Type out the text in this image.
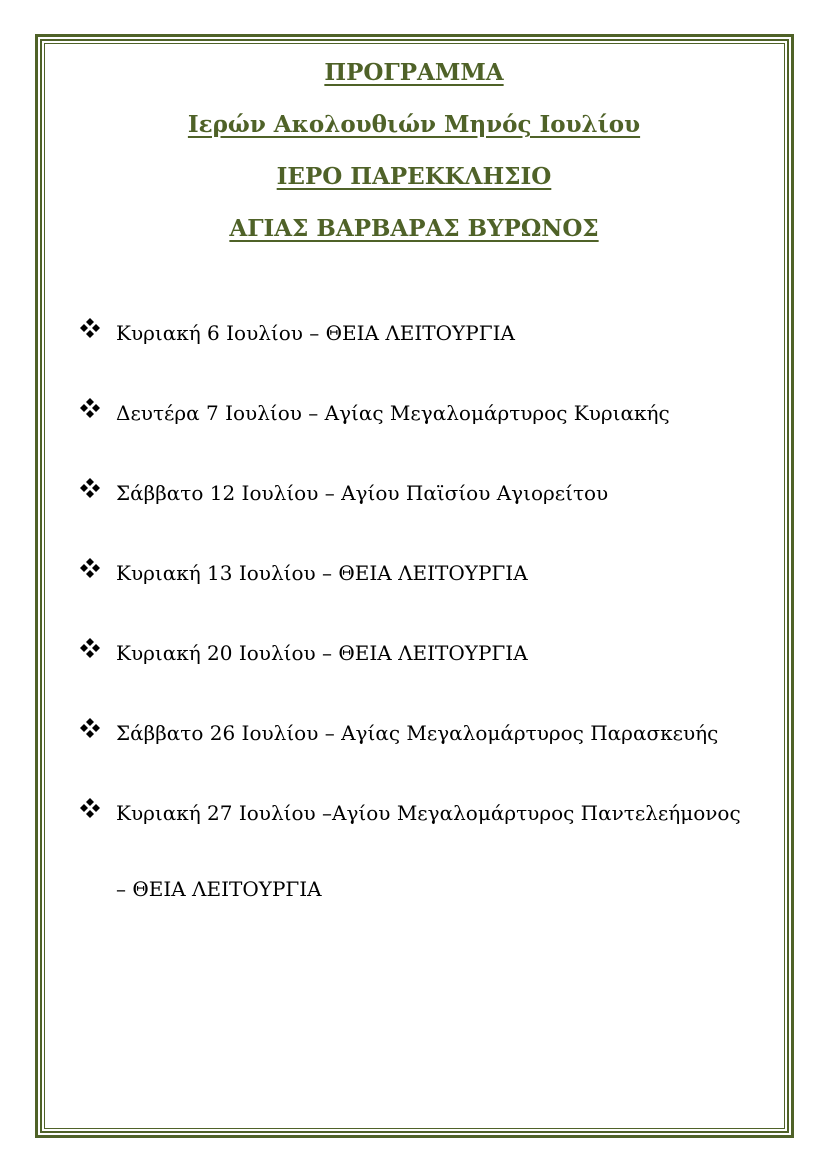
ΠΡΟΓΡΑΜΜΑ
Ιερών Ακολουθιών Μηνός Ιουλίου
ΙΕΡΟ ΠΑΡΕΚΚΛΗΣΙΟ
ΑΓΙΑΣ ΒΑΡΒΑΡΑΣ ΒΥΡΩΝΟΣ
Κυριακή 6 Ιουλίου – ΘΕΙΑ ΛΕΙΤΟΥΡΓΙΑ
Δευτέρα 7 Ιουλίου – Αγίας Μεγαλομάρτυρος Κυριακής
Σάββατο 12 Ιουλίου – Αγίου Παϊσίου Αγιορείτου
Κυριακή 13 Ιουλίου – ΘΕΙΑ ΛΕΙΤΟΥΡΓΙΑ
Κυριακή 20 Ιουλίου – ΘΕΙΑ ΛΕΙΤΟΥΡΓΙΑ
Σάββατο 26 Ιουλίου – Αγίας Μεγαλομάρτυρος Παρασκευής
Κυριακή 27 Ιουλίου –Αγίου Μεγαλομάρτυρος Παντελεήμονος
– ΘΕΙΑ ΛΕΙΤΟΥΡΓΙΑ
